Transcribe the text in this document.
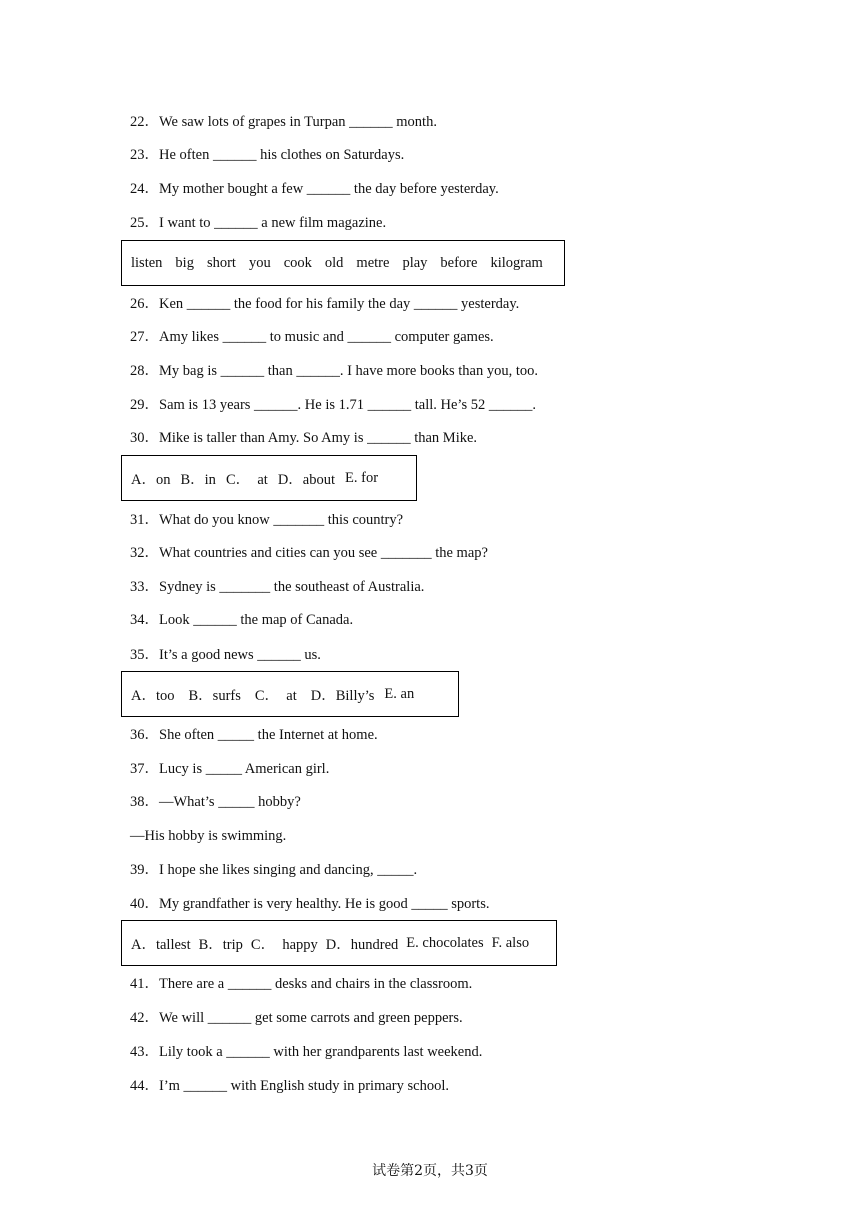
22．We saw lots of grapes in Turpan ______ month.
23．He often ______ his clothes on Saturdays.
24．My mother bought a few ______ the day before yesterday.
25．I want to ______ a new film magazine.
listen big short you cook old metre play before kilogram
26．Ken ______ the food for his family the day ______ yesterday.
27．Amy likes ______ to music and ______ computer games.
28．My bag is ______ than ______. I have more books than you, too.
29．Sam is 13 years ______. He is 1.71 ______ tall. He’s 52 ______.
30．Mike is taller than Amy. So Amy is ______ than Mike.
A．on B．in C．  at D．about E. for
31．What do you know _______ this country?
32．What countries and cities can you see _______ the map?
33．Sydney is _______ the southeast of Australia.
34．Look ______ the map of Canada.
35．It’s a good news ______ us.
A．too B．surfs C．  at D．Billy’s E. an
36．She often _____ the Internet at home.
37．Lucy is _____ American girl.
38．—What’s _____ hobby?
—His hobby is swimming.
39．I hope she likes singing and dancing, _____.
40．My grandfather is very healthy. He is good _____ sports.
A．tallest B．trip C．  happy D．hundred E. chocolates F. also
41．There are a ______ desks and chairs in the classroom.
42．We will ______ get some carrots and green peppers.
43．Lily took a ______ with her grandparents last weekend.
44．I’m ______ with English study in primary school.
试卷第2页，共3页
